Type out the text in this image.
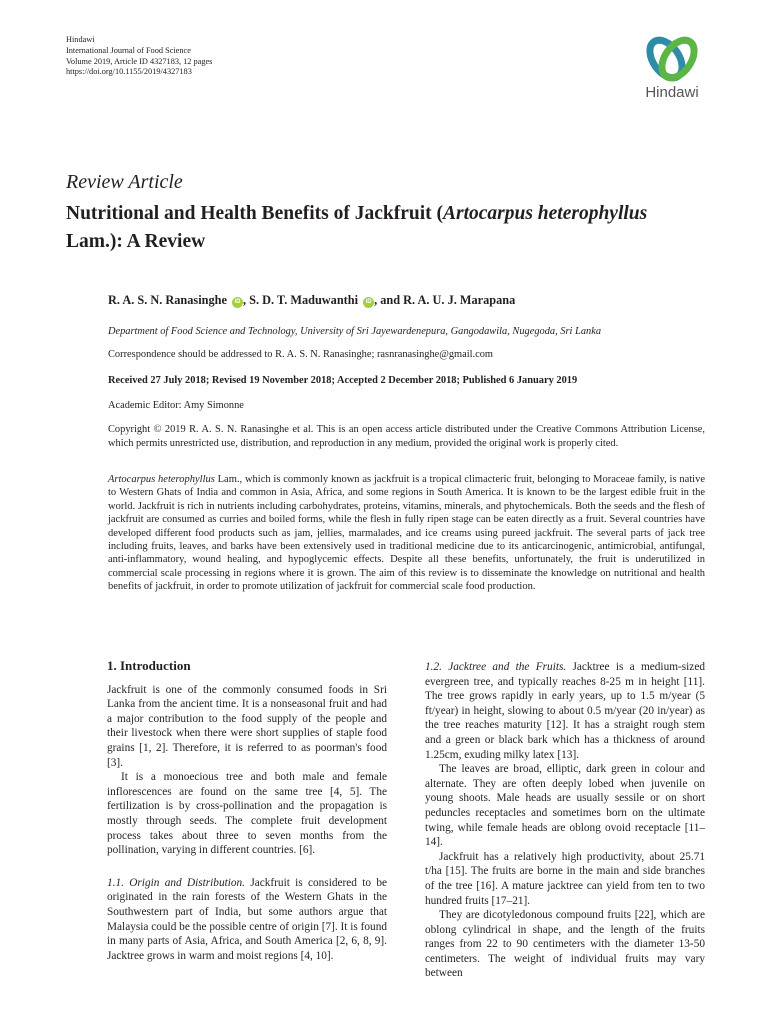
Hindawi
International Journal of Food Science
Volume 2019, Article ID 4327183, 12 pages
https://doi.org/10.1155/2019/4327183
Hindawi
Review Article
Nutritional and Health Benefits of Jackfruit (Artocarpus heterophyllus Lam.): A Review
R. A. S. N. Ranasinghe iD , S. D. T. Maduwanthi iD , and R. A. U. J. Marapana
Department of Food Science and Technology, University of Sri Jayewardenepura, Gangodawila, Nugegoda, Sri Lanka
Correspondence should be addressed to R. A. S. N. Ranasinghe; rasnranasinghe@gmail.com
Received 27 July 2018; Revised 19 November 2018; Accepted 2 December 2018; Published 6 January 2019
Academic Editor: Amy Simonne
Copyright © 2019 R. A. S. N. Ranasinghe et al. This is an open access article distributed under the Creative Commons Attribution License, which permits unrestricted use, distribution, and reproduction in any medium, provided the original work is properly cited.
Artocarpus heterophyllus Lam., which is commonly known as jackfruit is a tropical climacteric fruit, belonging to Moraceae family, is native to Western Ghats of India and common in Asia, Africa, and some regions in South America. It is known to be the largest edible fruit in the world. Jackfruit is rich in nutrients including carbohydrates, proteins, vitamins, minerals, and phytochemicals. Both the seeds and the flesh of jackfruit are consumed as curries and boiled forms, while the flesh in fully ripen stage can be eaten directly as a fruit. Several countries have developed different food products such as jam, jellies, marmalades, and ice creams using pureed jackfruit. The several parts of jack tree including fruits, leaves, and barks have been extensively used in traditional medicine due to its anticarcinogenic, antimicrobial, antifungal, anti-inflammatory, wound healing, and hypoglycemic effects. Despite all these benefits, unfortunately, the fruit is underutilized in commercial scale processing in regions where it is grown. The aim of this review is to disseminate the knowledge on nutritional and health benefits of jackfruit, in order to promote utilization of jackfruit for commercial scale food production.
1. Introduction

Jackfruit is one of the commonly consumed foods in Sri Lanka from the ancient time. It is a nonseasonal fruit and had a major contribution to the food supply of the people and their livestock when there were short supplies of staple food grains [1, 2]. Therefore, it is referred to as poorman's food [3].

It is a monoecious tree and both male and female inflorescences are found on the same tree [4, 5]. The fertilization is by cross-pollination and the propagation is mostly through seeds. The complete fruit development process takes about three to seven months from the pollination, varying in different countries. [6].

1.1. Origin and Distribution. Jackfruit is considered to be originated in the rain forests of the Western Ghats in the Southwestern part of India, but some authors argue that Malaysia could be the possible centre of origin [7]. It is found in many parts of Asia, Africa, and South America [2, 6, 8, 9]. Jacktree grows in warm and moist regions [4, 10].

1.2. Jacktree and the Fruits. Jacktree is a medium-sized evergreen tree, and typically reaches 8-25 m in height [11]. The tree grows rapidly in early years, up to 1.5 m/year (5 ft/year) in height, slowing to about 0.5 m/year (20 in/year) as the tree reaches maturity [12]. It has a straight rough stem and a green or black bark which has a thickness of around 1.25cm, exuding milky latex [13].

The leaves are broad, elliptic, dark green in colour and alternate. They are often deeply lobed when juvenile on young shoots. Male heads are usually sessile or on short peduncles receptacles and sometimes born on the ultimate twing, while female heads are oblong ovoid receptacle [11–14].

Jackfruit has a relatively high productivity, about 25.71 t/ha [15]. The fruits are borne in the main and side branches of the tree [16]. A mature jacktree can yield from ten to two hundred fruits [17–21].

They are dicotyledonous compound fruits [22], which are oblong cylindrical in shape, and the length of the fruits ranges from 22 to 90 centimeters with the diameter 13-50 centimeters. The weight of individual fruits may vary between
